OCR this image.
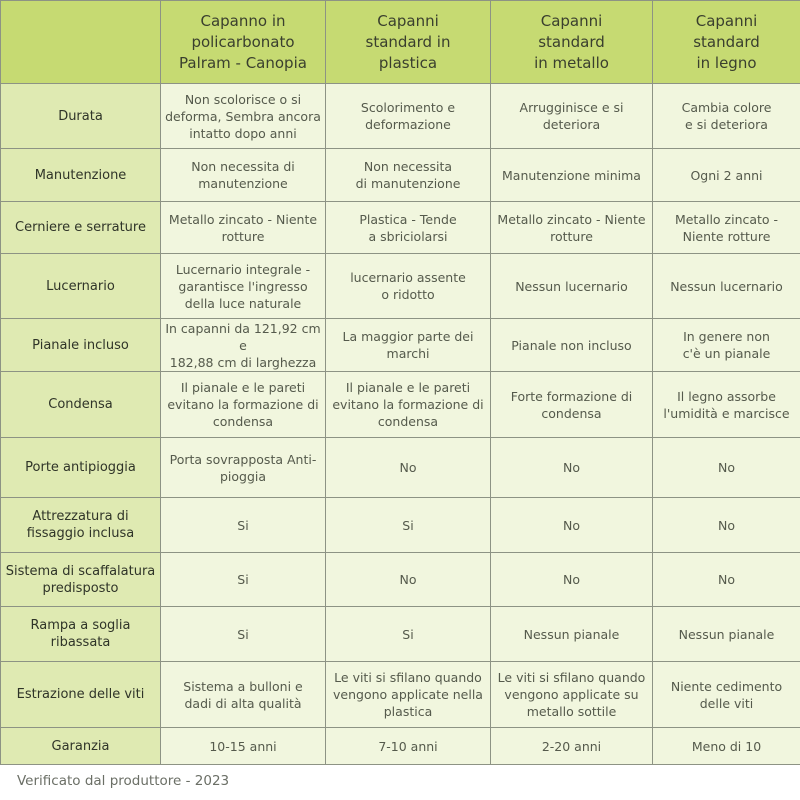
	Capanno in
policarbonato
Palram - Canopia	Capanni
standard in
plastica	Capanni
standard
in metallo	Capanni
standard
in legno
Durata	Non scolorisce o si
deforma, Sembra ancora
intatto dopo anni	Scolorimento e
deformazione	Arrugginisce e si
deteriora	Cambia colore
e si deteriora
Manutenzione	Non necessita di
manutenzione	Non necessita
di manutenzione	Manutenzione minima	Ogni 2 anni
Cerniere e serrature	Metallo zincato - Niente
rotture	Plastica - Tende
a sbriciolarsi	Metallo zincato - Niente
rotture	Metallo zincato -
Niente rotture
Lucernario	Lucernario integrale -
garantisce l'ingresso
della luce naturale	lucernario assente
o ridotto	Nessun lucernario	Nessun lucernario
Pianale incluso	In capanni da 121,92 cm e
182,88 cm di larghezza	La maggior parte dei
marchi	Pianale non incluso	In genere non
c'è un pianale
Condensa	Il pianale e le pareti
evitano la formazione di
condensa	Il pianale e le pareti
evitano la formazione di
condensa	Forte formazione di
condensa	Il legno assorbe
l'umidità e marcisce
Porte antipioggia	Porta sovrapposta Anti-
pioggia	No	No	No
Attrezzatura di
fissaggio inclusa	Si	Si	No	No
Sistema di scaffalatura
predisposto	Si	No	No	No
Rampa a soglia
ribassata	Si	Si	Nessun pianale	Nessun pianale
Estrazione delle viti	Sistema a bulloni e
dadi di alta qualità	Le viti si sfilano quando
vengono applicate nella
plastica	Le viti si sfilano quando
vengono applicate su
metallo sottile	Niente cedimento
delle viti
Garanzia	10-15 anni	7-10 anni	2-20 anni	Meno di 10
Verificato dal produttore - 2023
